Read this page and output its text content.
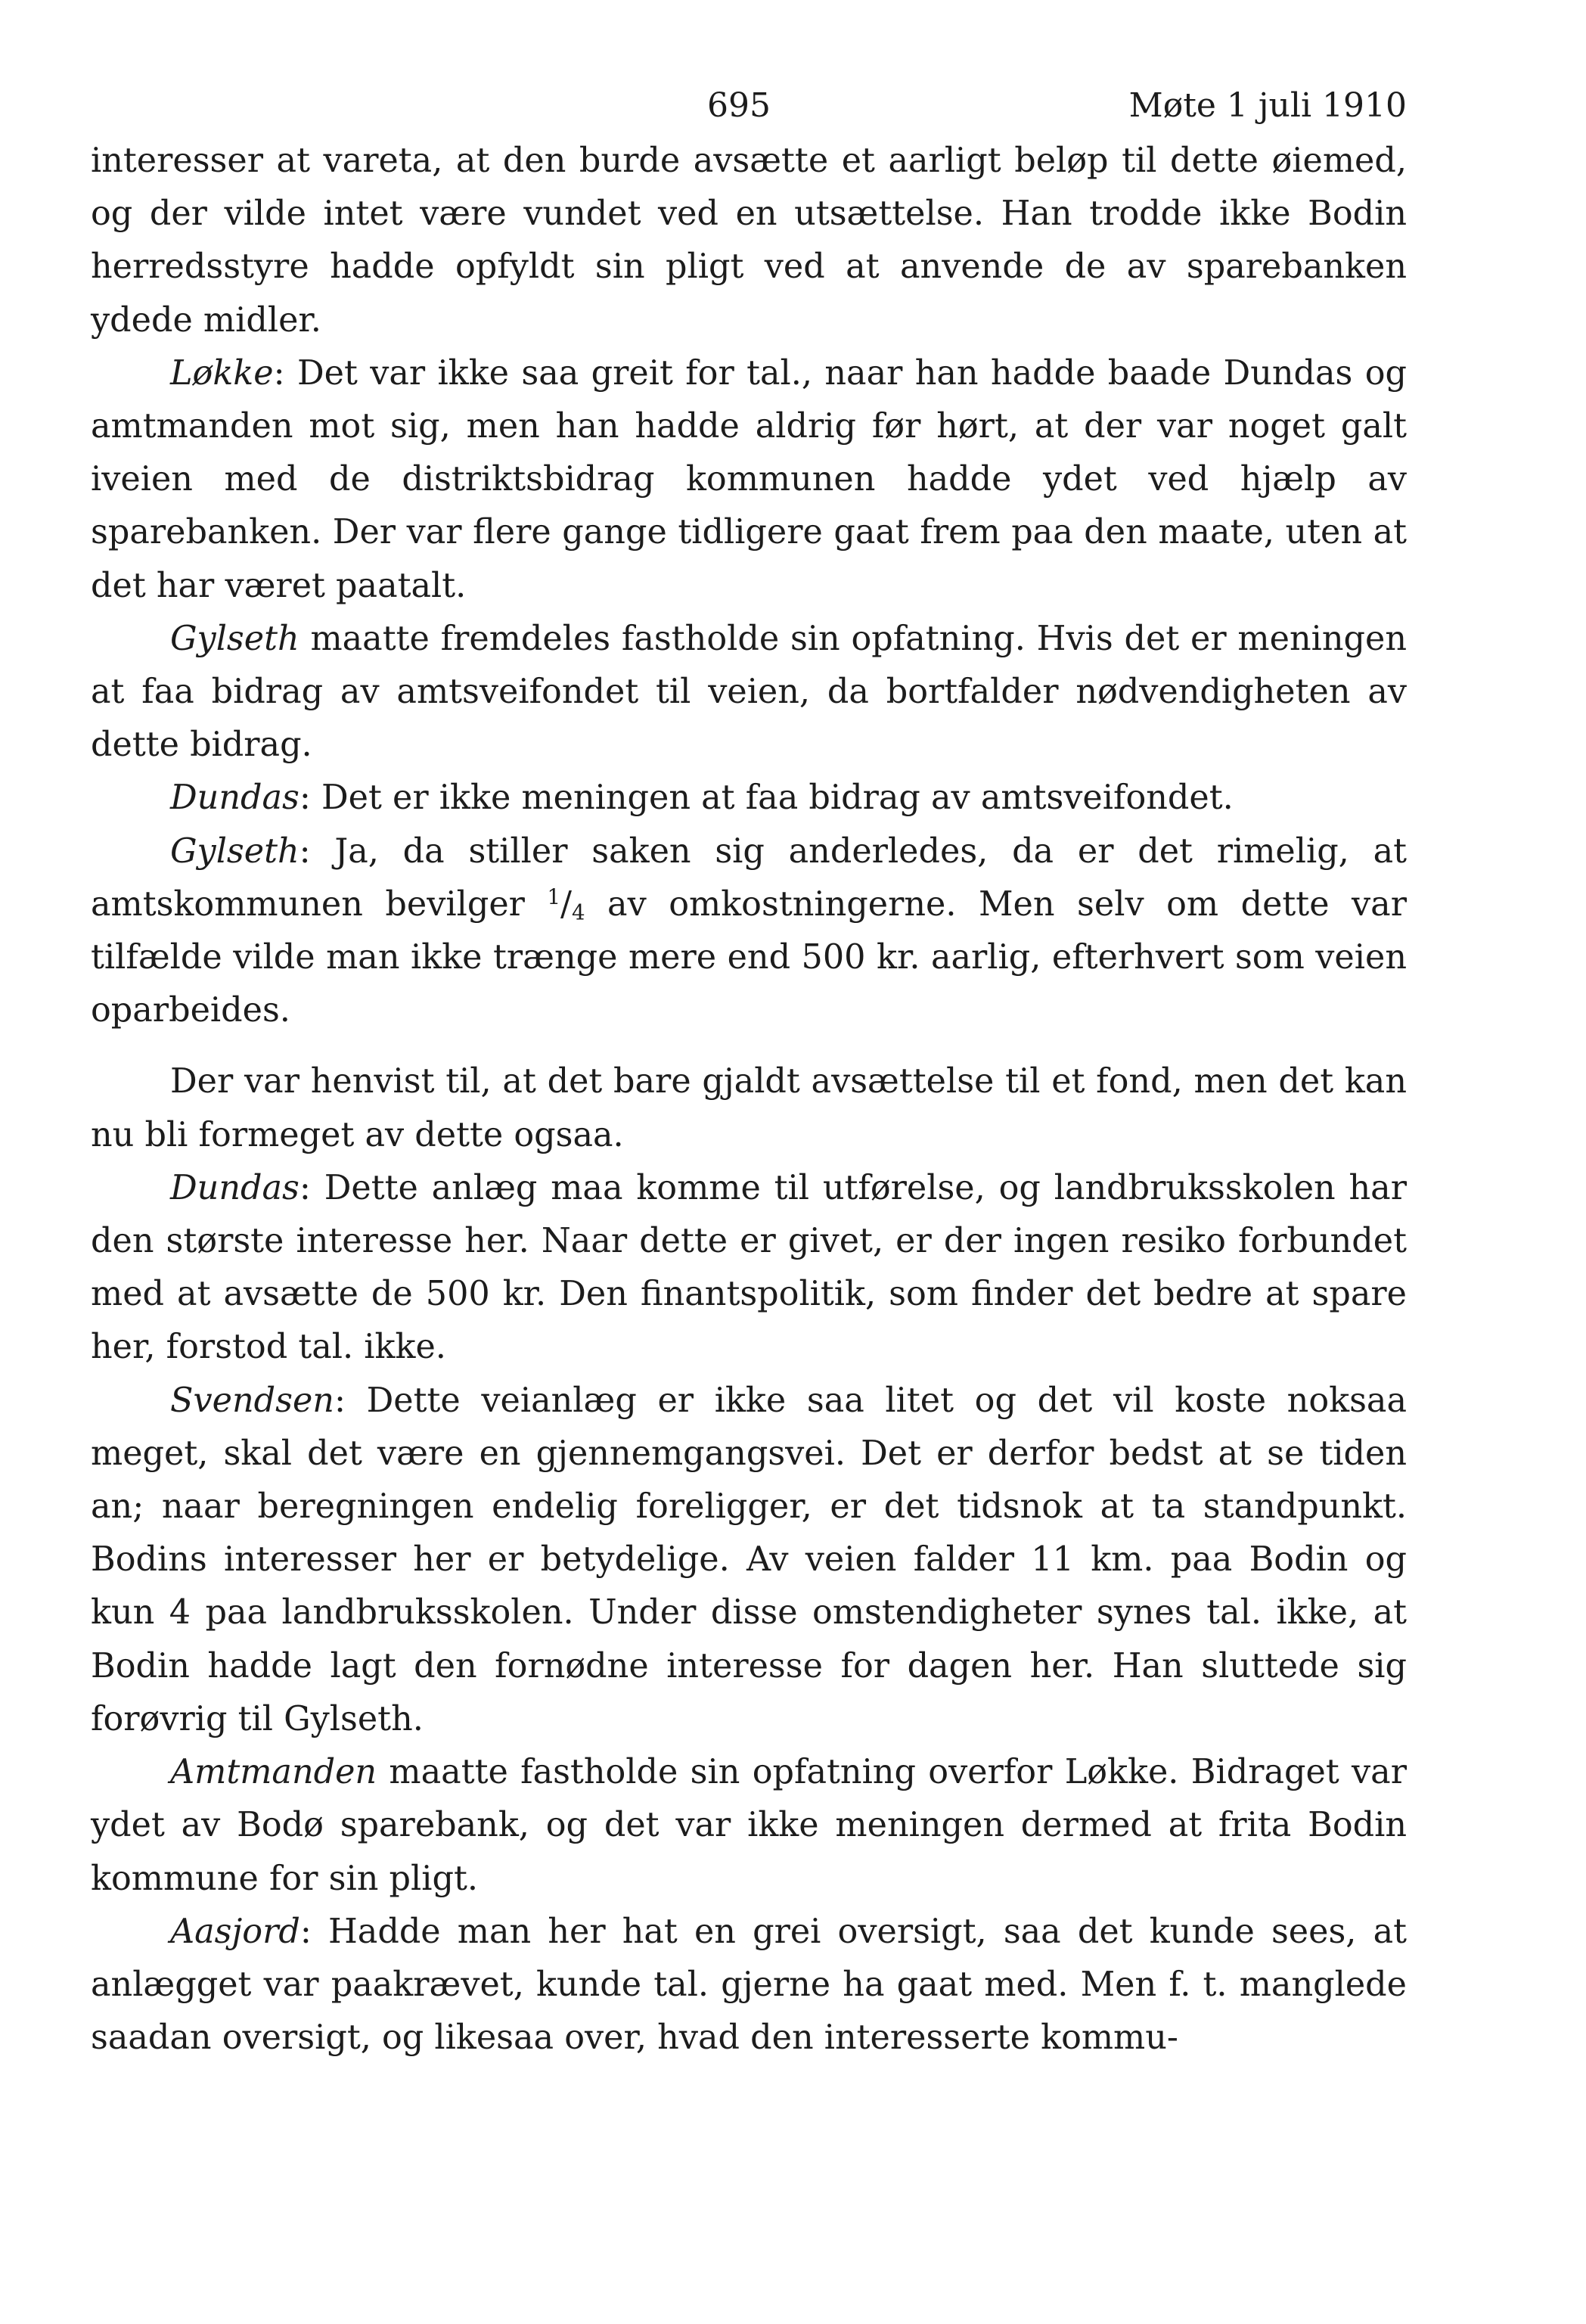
695	Møte 1 juli 1910

interesser at vareta, at den burde avsætte et aarligt beløp til dette øiemed, og der vilde intet være vundet ved en utsættelse. Han trodde ikke Bodin herredsstyre hadde opfyldt sin pligt ved at anvende de av sparebanken ydede midler.

Løkke: Det var ikke saa greit for tal., naar han hadde baade Dundas og amtmanden mot sig, men han hadde aldrig før hørt, at der var noget galt iveien med de distriktsbidrag kommunen hadde ydet ved hjælp av sparebanken. Der var flere gange tidligere gaat frem paa den maate, uten at det har været paatalt.

Gylseth maatte fremdeles fastholde sin opfatning. Hvis det er meningen at faa bidrag av amtsveifondet til veien, da bortfalder nødvendigheten av dette bidrag.

Dundas: Det er ikke meningen at faa bidrag av amtsveifondet.

Gylseth: Ja, da stiller saken sig anderledes, da er det rimelig, at amtskommunen bevilger $^1/_4$ av omkostningerne. Men selv om dette var tilfælde vilde man ikke trænge mere end 500 kr. aarlig, efterhvert som veien oparbeides.

Der var henvist til, at det bare gjaldt avsættelse til et fond, men det kan nu bli formeget av dette ogsaa.

Dundas: Dette anlæg maa komme til utførelse, og landbruksskolen har den største interesse her. Naar dette er givet, er der ingen resiko forbundet med at avsætte de 500 kr. Den finantspolitik, som finder det bedre at spare her, forstod tal. ikke.

Svendsen: Dette veianlæg er ikke saa litet og det vil koste noksaa meget, skal det være en gjennemgangsvei. Det er derfor bedst at se tiden an; naar beregningen endelig foreligger, er det tidsnok at ta standpunkt. Bodins interesser her er betydelige. Av veien falder 11 km. paa Bodin og kun 4 paa landbruksskolen. Under disse omstendigheter synes tal. ikke, at Bodin hadde lagt den fornødne interesse for dagen her. Han sluttede sig forøvrig til Gylseth.

Amtmanden maatte fastholde sin opfatning overfor Løkke. Bidraget var ydet av Bodø sparebank, og det var ikke meningen dermed at frita Bodin kommune for sin pligt.

Aasjord: Hadde man her hat en grei oversigt, saa det kunde sees, at anlægget var paakrævet, kunde tal. gjerne ha gaat med. Men f. t. manglede saadan oversigt, og likesaa over, hvad den interesserte kommu-
